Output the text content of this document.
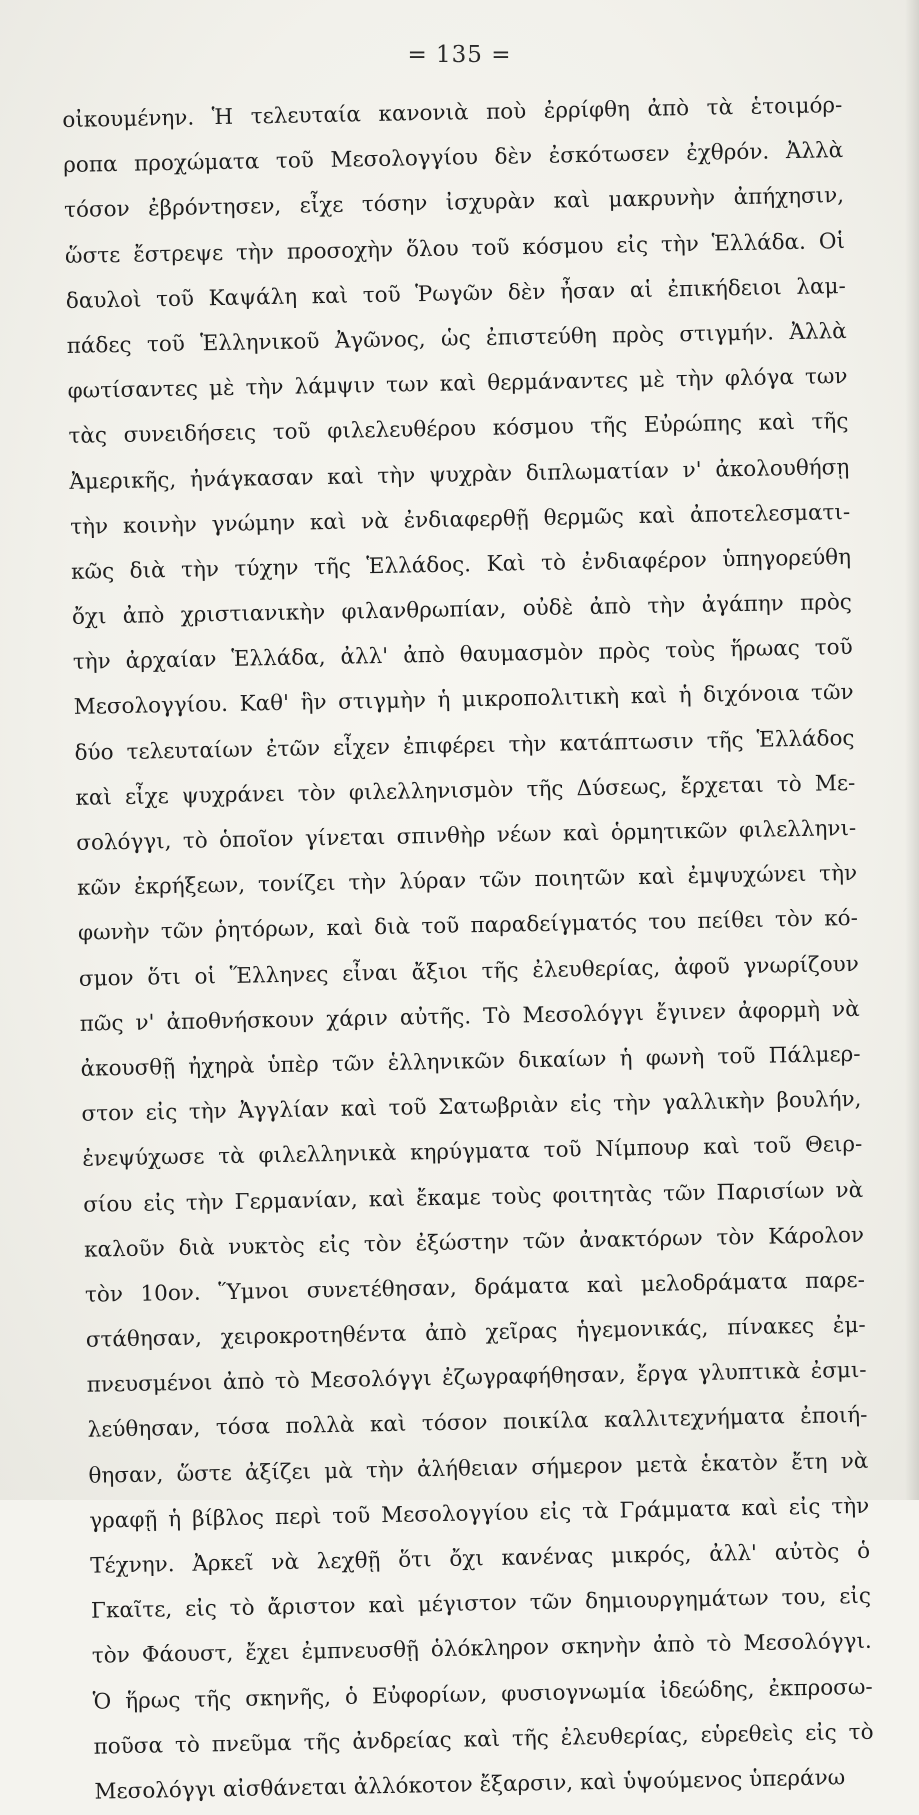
= 135 =
οἰκουμένην. Ἡ τελευταία κανονιὰ ποὺ ἐρρίφθη ἀπὸ τὰ ἑτοιμόρ-
ροπα προχώματα τοῦ Μεσολογγίου δὲν ἐσκότωσεν ἐχθρόν. Ἀλλὰ
τόσον ἐβρόντησεν, εἶχε τόσην ἰσχυρὰν καὶ μακρυνὴν ἀπήχησιν,
ὥστε ἔστρεψε τὴν προσοχὴν ὅλου τοῦ κόσμου εἰς τὴν Ἑλλάδα. Οἱ
δαυλοὶ τοῦ Καψάλη καὶ τοῦ Ῥωγῶν δὲν ἦσαν αἱ ἐπικήδειοι λαμ-
πάδες τοῦ Ἑλληνικοῦ Ἀγῶνος, ὡς ἐπιστεύθη πρὸς στιγμήν. Ἀλλὰ
φωτίσαντες μὲ τὴν λάμψιν των καὶ θερμάναντες μὲ τὴν φλόγα των
τὰς συνειδήσεις τοῦ φιλελευθέρου κόσμου τῆς Εὐρώπης καὶ τῆς
Ἀμερικῆς, ἠνάγκασαν καὶ τὴν ψυχρὰν διπλωματίαν ν' ἀκολουθήσῃ
τὴν κοινὴν γνώμην καὶ νὰ ἐνδιαφερθῇ θερμῶς καὶ ἀποτελεσματι-
κῶς διὰ τὴν τύχην τῆς Ἑλλάδος. Καὶ τὸ ἐνδιαφέρον ὑπηγορεύθη
ὄχι ἀπὸ χριστιανικὴν φιλανθρωπίαν, οὐδὲ ἀπὸ τὴν ἀγάπην πρὸς
τὴν ἀρχαίαν Ἑλλάδα, ἀλλ' ἀπὸ θαυμασμὸν πρὸς τοὺς ἥρωας τοῦ
Μεσολογγίου. Καθ' ἣν στιγμὴν ἡ μικροπολιτικὴ καὶ ἡ διχόνοια τῶν
δύο τελευταίων ἐτῶν εἶχεν ἐπιφέρει τὴν κατάπτωσιν τῆς Ἑλλάδος
καὶ εἶχε ψυχράνει τὸν φιλελληνισμὸν τῆς Δύσεως, ἔρχεται τὸ Με-
σολόγγι, τὸ ὁποῖον γίνεται σπινθὴρ νέων καὶ ὁρμητικῶν φιλελληνι-
κῶν ἐκρήξεων, τονίζει τὴν λύραν τῶν ποιητῶν καὶ ἐμψυχώνει τὴν
φωνὴν τῶν ῥητόρων, καὶ διὰ τοῦ παραδείγματός του πείθει τὸν κό-
σμον ὅτι οἱ Ἕλληνες εἶναι ἄξιοι τῆς ἐλευθερίας, ἀφοῦ γνωρίζουν
πῶς ν' ἀποθνήσκουν χάριν αὐτῆς. Τὸ Μεσολόγγι ἔγινεν ἀφορμὴ νὰ
ἀκουσθῇ ἠχηρὰ ὑπὲρ τῶν ἑλληνικῶν δικαίων ἡ φωνὴ τοῦ Πάλμερ-
στον εἰς τὴν Ἀγγλίαν καὶ τοῦ Σατωβριὰν εἰς τὴν γαλλικὴν βουλήν,
ἐνεψύχωσε τὰ φιλελληνικὰ κηρύγματα τοῦ Νίμπουρ καὶ τοῦ Θειρ-
σίου εἰς τὴν Γερμανίαν, καὶ ἔκαμε τοὺς φοιτητὰς τῶν Παρισίων νὰ
καλοῦν διὰ νυκτὸς εἰς τὸν ἐξώστην τῶν ἀνακτόρων τὸν Κάρολον
τὸν 10ον. Ὕμνοι συνετέθησαν, δράματα καὶ μελοδράματα παρε-
στάθησαν, χειροκροτηθέντα ἀπὸ χεῖρας ἡγεμονικάς, πίνακες ἐμ-
πνευσμένοι ἀπὸ τὸ Μεσολόγγι ἐζωγραφήθησαν, ἔργα γλυπτικὰ ἐσμι-
λεύθησαν, τόσα πολλὰ καὶ τόσον ποικίλα καλλιτεχνήματα ἐποιή-
θησαν, ὥστε ἀξίζει μὰ τὴν ἀλήθειαν σήμερον μετὰ ἑκατὸν ἔτη νὰ
γραφῇ ἡ βίβλος περὶ τοῦ Μεσολογγίου εἰς τὰ Γράμματα καὶ εἰς τὴν
Τέχνην. Ἀρκεῖ νὰ λεχθῇ ὅτι ὄχι κανένας μικρός, ἀλλ' αὐτὸς ὁ
Γκαῖτε, εἰς τὸ ἄριστον καὶ μέγιστον τῶν δημιουργημάτων του, εἰς
τὸν Φάουστ, ἔχει ἐμπνευσθῇ ὁλόκληρον σκηνὴν ἀπὸ τὸ Μεσολόγγι.
Ὁ ἥρως τῆς σκηνῆς, ὁ Εὐφορίων, φυσιογνωμία ἰδεώδης, ἐκπροσω-
ποῦσα τὸ πνεῦμα τῆς ἀνδρείας καὶ τῆς ἐλευθερίας, εὑρεθεὶς εἰς τὸ
Μεσολόγγι αἰσθάνεται ἀλλόκοτον ἔξαρσιν, καὶ ὑψούμενος ὑπεράνω
